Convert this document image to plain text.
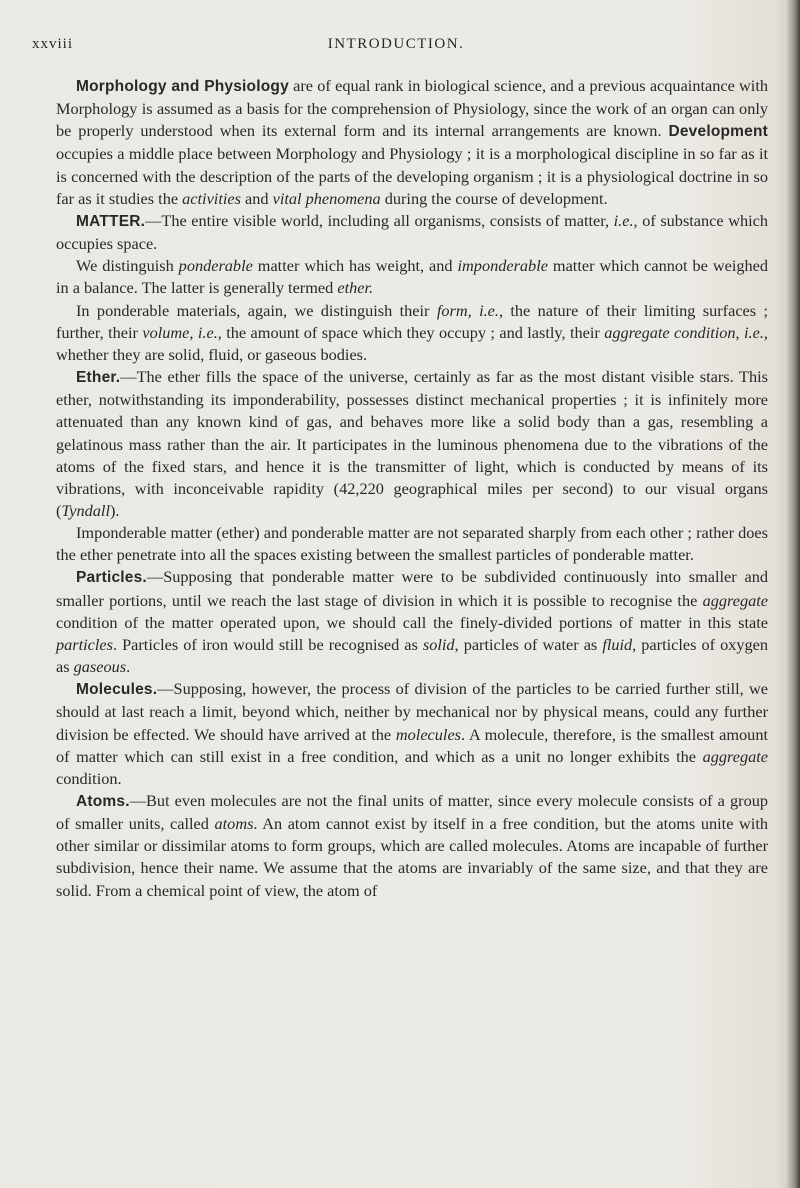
xxviii	INTRODUCTION.

Morphology and Physiology are of equal rank in biological science, and a previous acquaintance with Morphology is assumed as a basis for the comprehension of Physiology, since the work of an organ can only be properly understood when its external form and its internal arrangements are known. Development occupies a middle place between Morphology and Physiology ; it is a morphological discipline in so far as it is concerned with the description of the parts of the developing organism ; it is a physiological doctrine in so far as it studies the activities and vital phenomena during the course of development.

MATTER.—The entire visible world, including all organisms, consists of matter, i.e., of substance which occupies space.

We distinguish ponderable matter which has weight, and imponderable matter which cannot be weighed in a balance. The latter is generally termed ether.

In ponderable materials, again, we distinguish their form, i.e., the nature of their limiting surfaces ; further, their volume, i.e., the amount of space which they occupy ; and lastly, their aggregate condition, i.e., whether they are solid, fluid, or gaseous bodies.

Ether.—The ether fills the space of the universe, certainly as far as the most distant visible stars. This ether, notwithstanding its imponderability, possesses distinct mechanical properties ; it is infinitely more attenuated than any known kind of gas, and behaves more like a solid body than a gas, resembling a gelatinous mass rather than the air. It participates in the luminous phenomena due to the vibrations of the atoms of the fixed stars, and hence it is the transmitter of light, which is conducted by means of its vibrations, with inconceivable rapidity (42,220 geographical miles per second) to our visual organs (Tyndall).

Imponderable matter (ether) and ponderable matter are not separated sharply from each other ; rather does the ether penetrate into all the spaces existing between the smallest particles of ponderable matter.

Particles.—Supposing that ponderable matter were to be subdivided continuously into smaller and smaller portions, until we reach the last stage of division in which it is possible to recognise the aggregate condition of the matter operated upon, we should call the finely-divided portions of matter in this state particles. Particles of iron would still be recognised as solid, particles of water as fluid, particles of oxygen as gaseous.

Molecules.—Supposing, however, the process of division of the particles to be carried further still, we should at last reach a limit, beyond which, neither by mechanical nor by physical means, could any further division be effected. We should have arrived at the molecules. A molecule, therefore, is the smallest amount of matter which can still exist in a free condition, and which as a unit no longer exhibits the aggregate condition.

Atoms.—But even molecules are not the final units of matter, since every molecule consists of a group of smaller units, called atoms. An atom cannot exist by itself in a free condition, but the atoms unite with other similar or dissimilar atoms to form groups, which are called molecules. Atoms are incapable of further subdivision, hence their name. We assume that the atoms are invariably of the same size, and that they are solid. From a chemical point of view, the atom of
